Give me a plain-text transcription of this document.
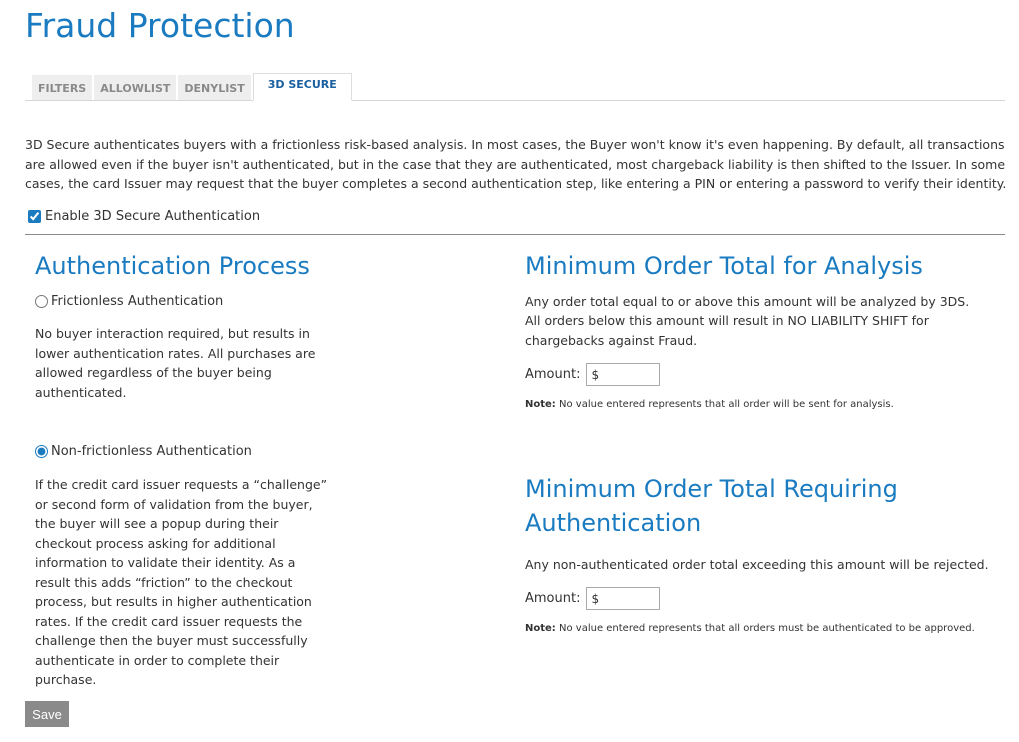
Fraud Protection
FILTERS	ALLOWLIST	DENYLIST	3D SECURE

3D Secure authenticates buyers with a frictionless risk-based analysis. In most cases, the Buyer won't know it's even happening. By default, all transactions are allowed even if the buyer isn't authenticated, but in the case that they are authenticated, most chargeback liability is then shifted to the Issuer. In some cases, the card Issuer may request that the buyer completes a second authentication step, like entering a PIN or entering a password to verify their identity.

Enable 3D Secure Authentication
Authentication Process
Frictionless Authentication

No buyer interaction required, but results in lower authentication rates. All purchases are allowed regardless of the buyer being authenticated.

Non-frictionless Authentication

If the credit card issuer requests a “challenge” or second form of validation from the buyer, the buyer will see a popup during their checkout process asking for additional information to validate their identity. As a result this adds “friction” to the checkout process, but results in higher authentication rates. If the credit card issuer requests the challenge then the buyer must successfully authenticate in order to complete their purchase.

Minimum Order Total for Analysis

Any order total equal to or above this amount will be analyzed by 3DS.

All orders below this amount will result in NO LIABILITY SHIFT for chargebacks against Fraud.

Amount: $
Note: No value entered represents that all order will be sent for analysis.
Minimum Order Total Requiring Authentication

Any non-authenticated order total exceeding this amount will be rejected.

Amount: $
Note: No value entered represents that all orders must be authenticated to be approved.
Save
